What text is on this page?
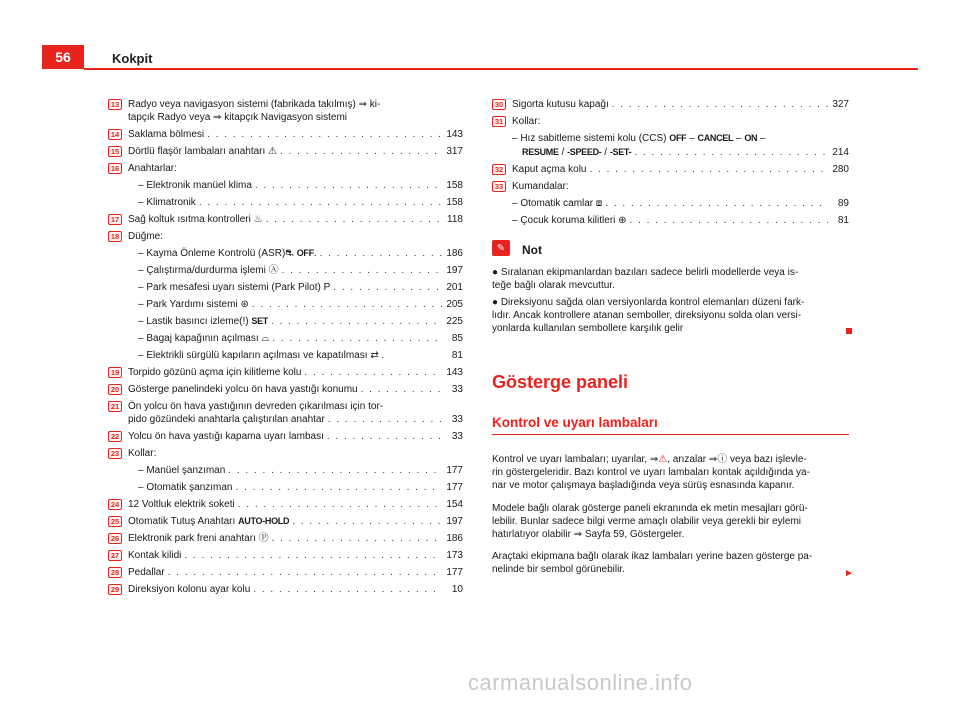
56	Kokpit
13 Radyo veya navigasyon sistemi (fabrikada takılmış) ⇒ ki-
tapçık Radyo veya ⇒ kitapçık Navigasyon sistemi
14 Saklama bölmesi . . .	143
15 Dörtlü flaşör lambaları anahtarı ⚠ . . .	317
16 Anahtarlar:
– Elektronik manüel klima . . .	158
– Klimatronik . . .	158
17 Sağ koltuk ısıtma kontrolleri ♨ . . .	118
18 Düğme:
– Kayma Önleme Kontrolü (ASR)⛐ OFF. . . .	186
– Çalıştırma/durdurma işlemi Ⓐ . . .	197
– Park mesafesi uyarı sistemi (Park Pilot) P . . .	201
– Park Yardımı sistemi ⊛ . . .	205
– Lastik basıncı izleme(!) SET . . .	225
– Bagaj kapağının açılması ⌓ . . .	85
– Elektrikli sürgülü kapıların açılması ve kapatılması ⇄ .	81
19 Torpido gözünü açma için kilitleme kolu . . .	143
20 Gösterge panelindeki yolcu ön hava yastığı konumu . . .	33
21 Ön yolcu ön hava yastığının devreden çıkarılması için tor-
pido gözündeki anahtarla çalıştırılan anahtar . . .	33
22 Yolcu ön hava yastığı kapama uyarı lambası . . .	33
23 Kollar:
– Manüel şanzıman . . .	177
– Otomatik şanzıman . . .	177
24 12 Voltluk elektrik soketi . . .	154
25 Otomatik Tutuş Anahtarı AUTO-HOLD . . .	197
26 Elektronik park freni anahtarı Ⓟ . . .	186
27 Kontak kilidi . . .	173
28 Pedallar . . .	177
29 Direksiyon kolonu ayar kolu . . .	10
30 Sigorta kutusu kapağı . . .	327
31 Kollar:
– Hız sabitleme sistemi kolu (CCS) OFF – CANCEL – ON –
RESUME / -SPEED- / -SET- . . .	214
32 Kaput açma kolu . . .	280
33 Kumandalar:
– Otomatik camlar ⧈ . . .	89
– Çocuk koruma kilitleri ⊕ . . .	81
✎	Not
● Sıralanan ekipmanlardan bazıları sadece belirli modellerde veya is-
teğe bağlı olarak mevcuttur.
● Direksiyonu sağda olan versiyonlarda kontrol elemanları düzeni fark-
lıdır. Ancak kontrollere atanan semboller, direksiyonu solda olan versi-
yonlarda kullanılan sembollere karşılık gelir
Gösterge paneli
Kontrol ve uyarı lambaları
Kontrol ve uyarı lambaları; uyarılar, ⇒⚠, arızalar ⇒ⓘ veya bazı işlevle-
rin göstergeleridir. Bazı kontrol ve uyarı lambaları kontak açıldığında ya-
nar ve motor çalışmaya başladığında veya sürüş esnasında kapanır.
Modele bağlı olarak gösterge paneli ekranında ek metin mesajları görü-
lebilir. Bunlar sadece bilgi verme amaçlı olabilir veya gerekli bir eylemi
hatırlatıyor olabilir ⇒ Sayfa 59, Göstergeler.
Araçtaki ekipmana bağlı olarak ikaz lambaları yerine bazen gösterge pa-
nelinde bir sembol görünebilir.	►
carmanualsonline.info
